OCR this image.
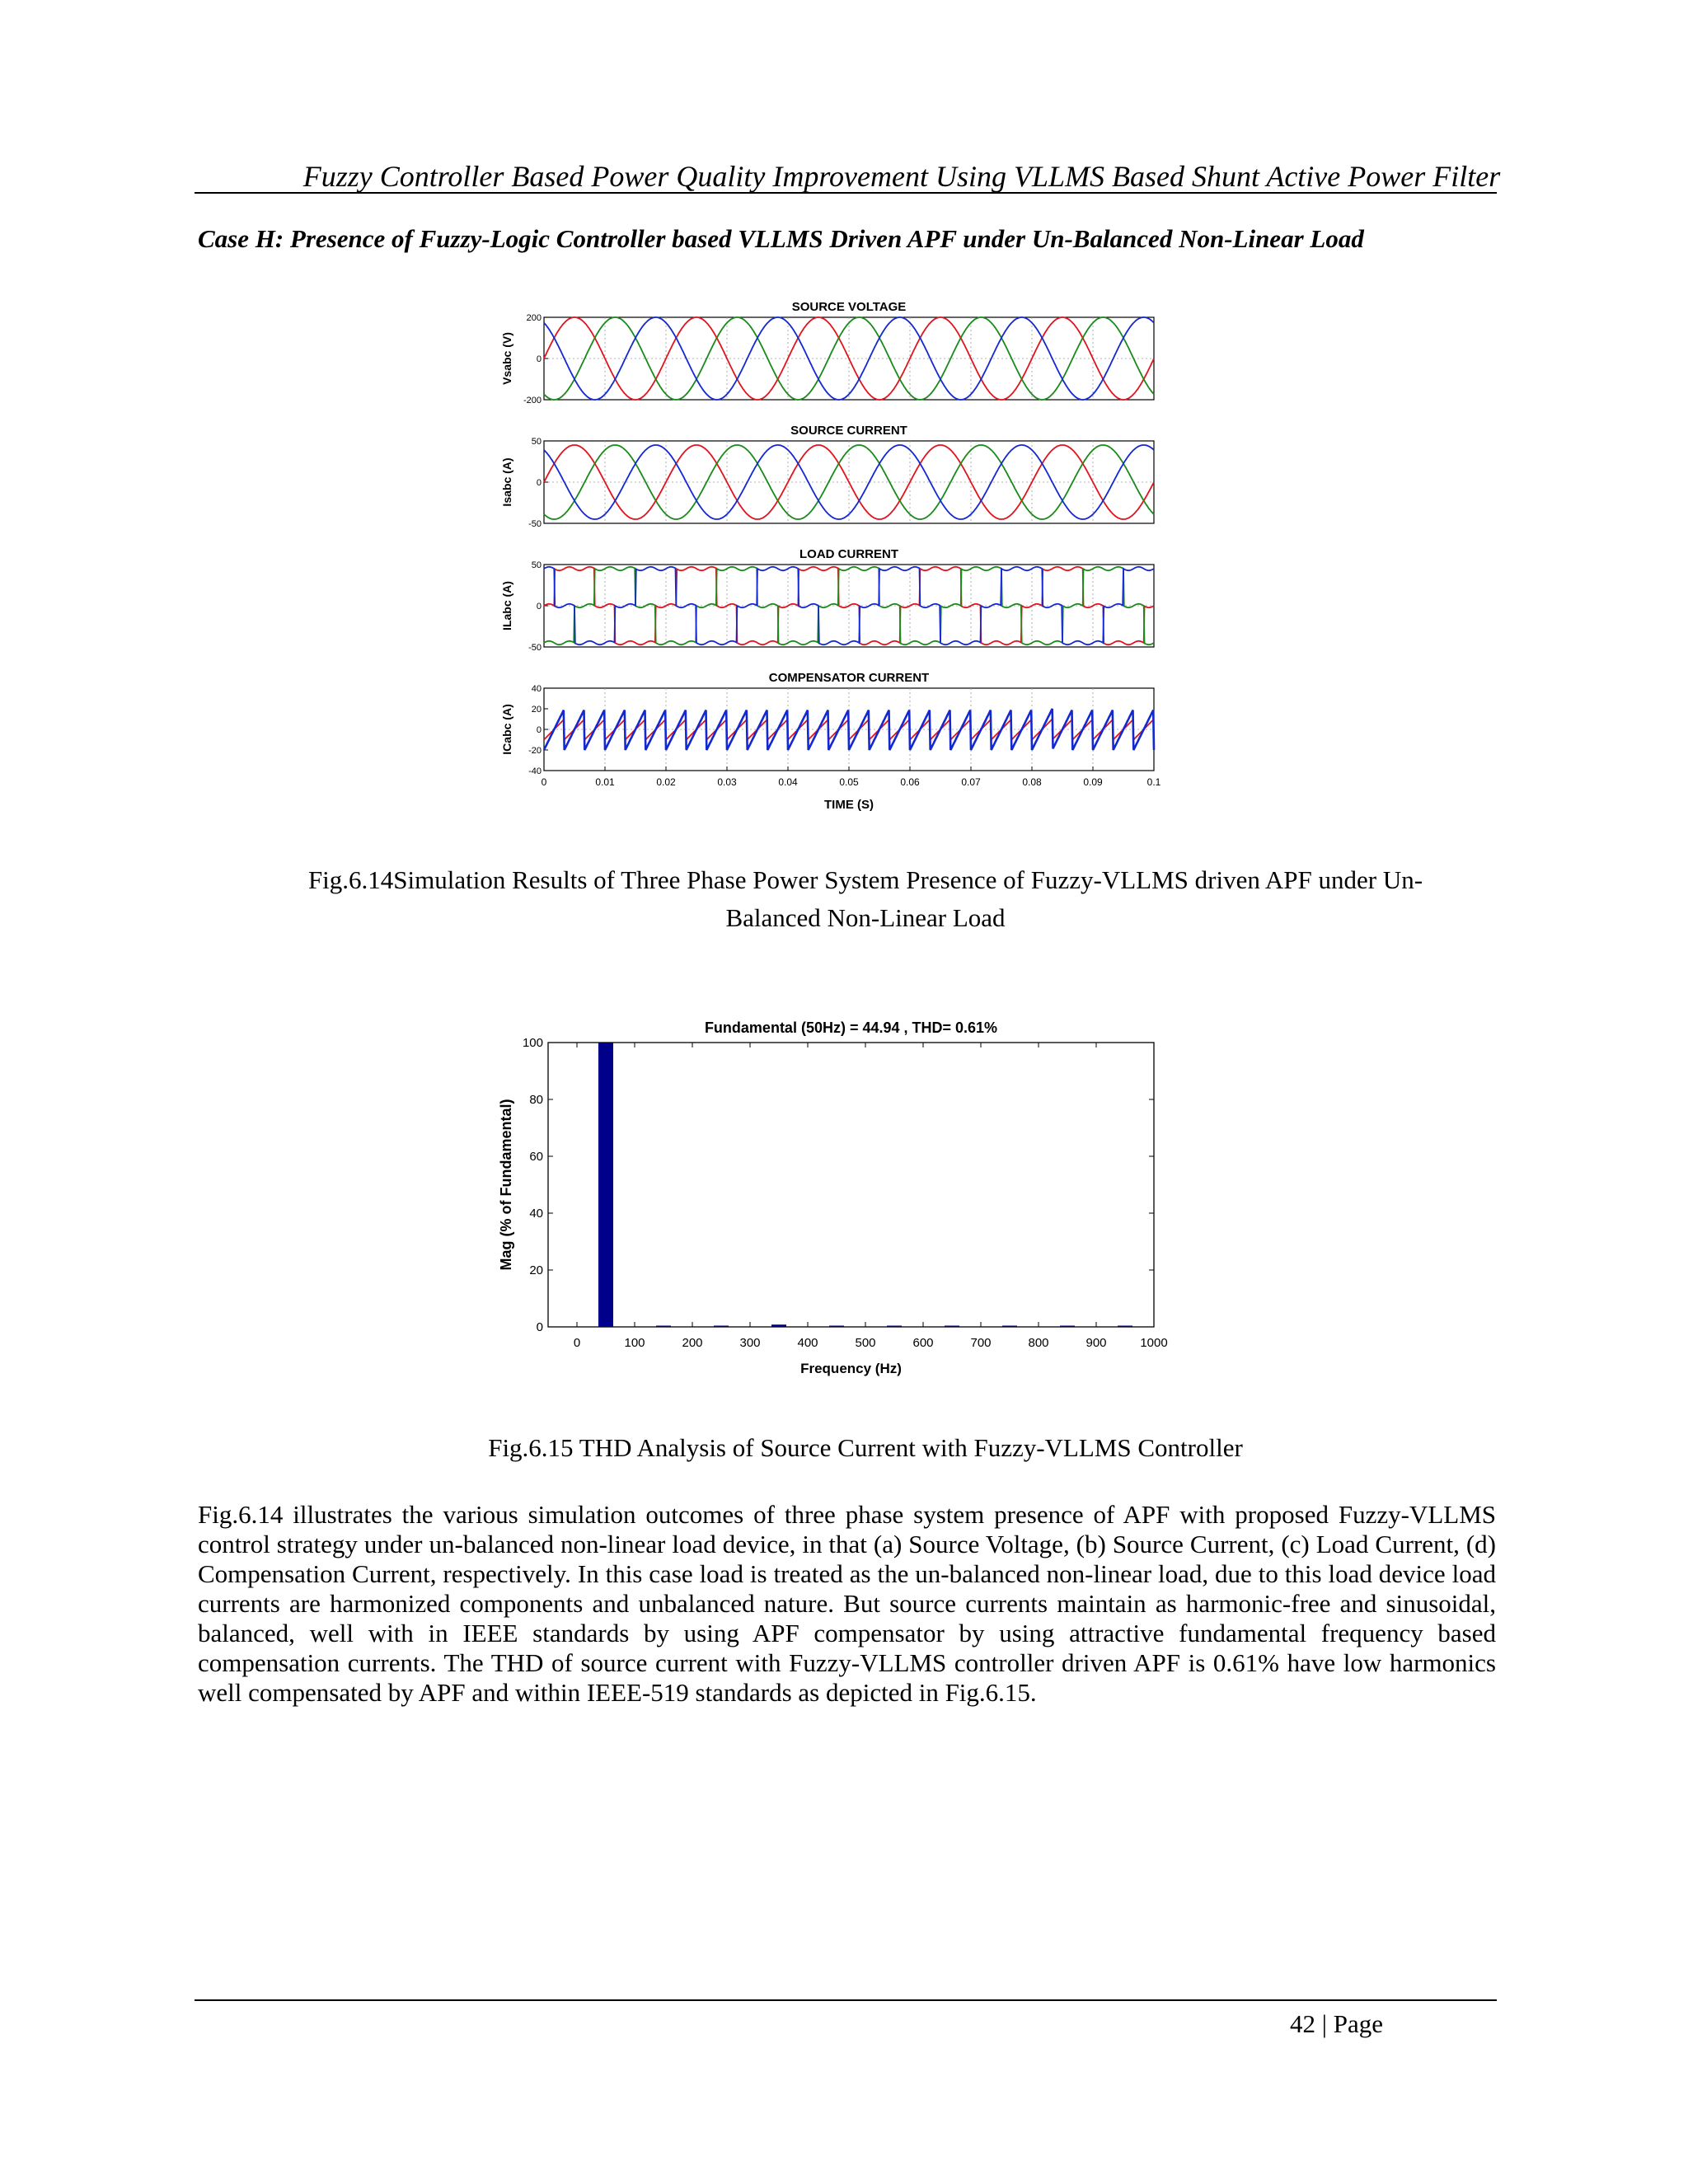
Fuzzy Controller Based Power Quality Improvement Using VLLMS Based Shunt Active Power Filter
Case H: Presence of Fuzzy-Logic Controller based VLLMS Driven APF under Un-Balanced Non-Linear Load
SOURCE VOLTAGE
Vsabc (V)
200
0
-200
SOURCE CURRENT
Isabc (A)
50
0
-50
LOAD CURRENT
ILabc (A)
50
0
-50
COMPENSATOR CURRENT
ICabc (A)
40
20
0
-20
-40
0	0.01	0.02	0.03	0.04	0.05	0.06	0.07	0.08	0.09	0.1
TIME (S)
Fig.6.14Simulation Results of Three Phase Power System Presence of Fuzzy-VLLMS driven APF under Un-
Balanced Non-Linear Load
Fundamental (50Hz) = 44.94 , THD= 0.61%
0
20
40
60
80
100
0	100	200	300	400	500	600	700	800	900	1000
Frequency (Hz)
Mag (% of Fundamental)
Fig.6.15 THD Analysis of Source Current with Fuzzy-VLLMS Controller
Fig.6.14 illustrates the various simulation outcomes of three phase system presence of APF with proposed Fuzzy-VLLMS control strategy under un-balanced non-linear load device, in that (a) Source Voltage, (b) Source Current, (c) Load Current, (d) Compensation Current, respectively. In this case load is treated as the un-balanced non-linear load, due to this load device load currents are harmonized components and unbalanced nature. But source currents maintain as harmonic-free and sinusoidal, balanced, well with in IEEE standards by using APF compensator by using attractive fundamental frequency based compensation currents. The THD of source current with Fuzzy-VLLMS controller driven APF is 0.61% have low harmonics well compensated by APF and within IEEE-519 standards as depicted in Fig.6.15.
42 | Page
